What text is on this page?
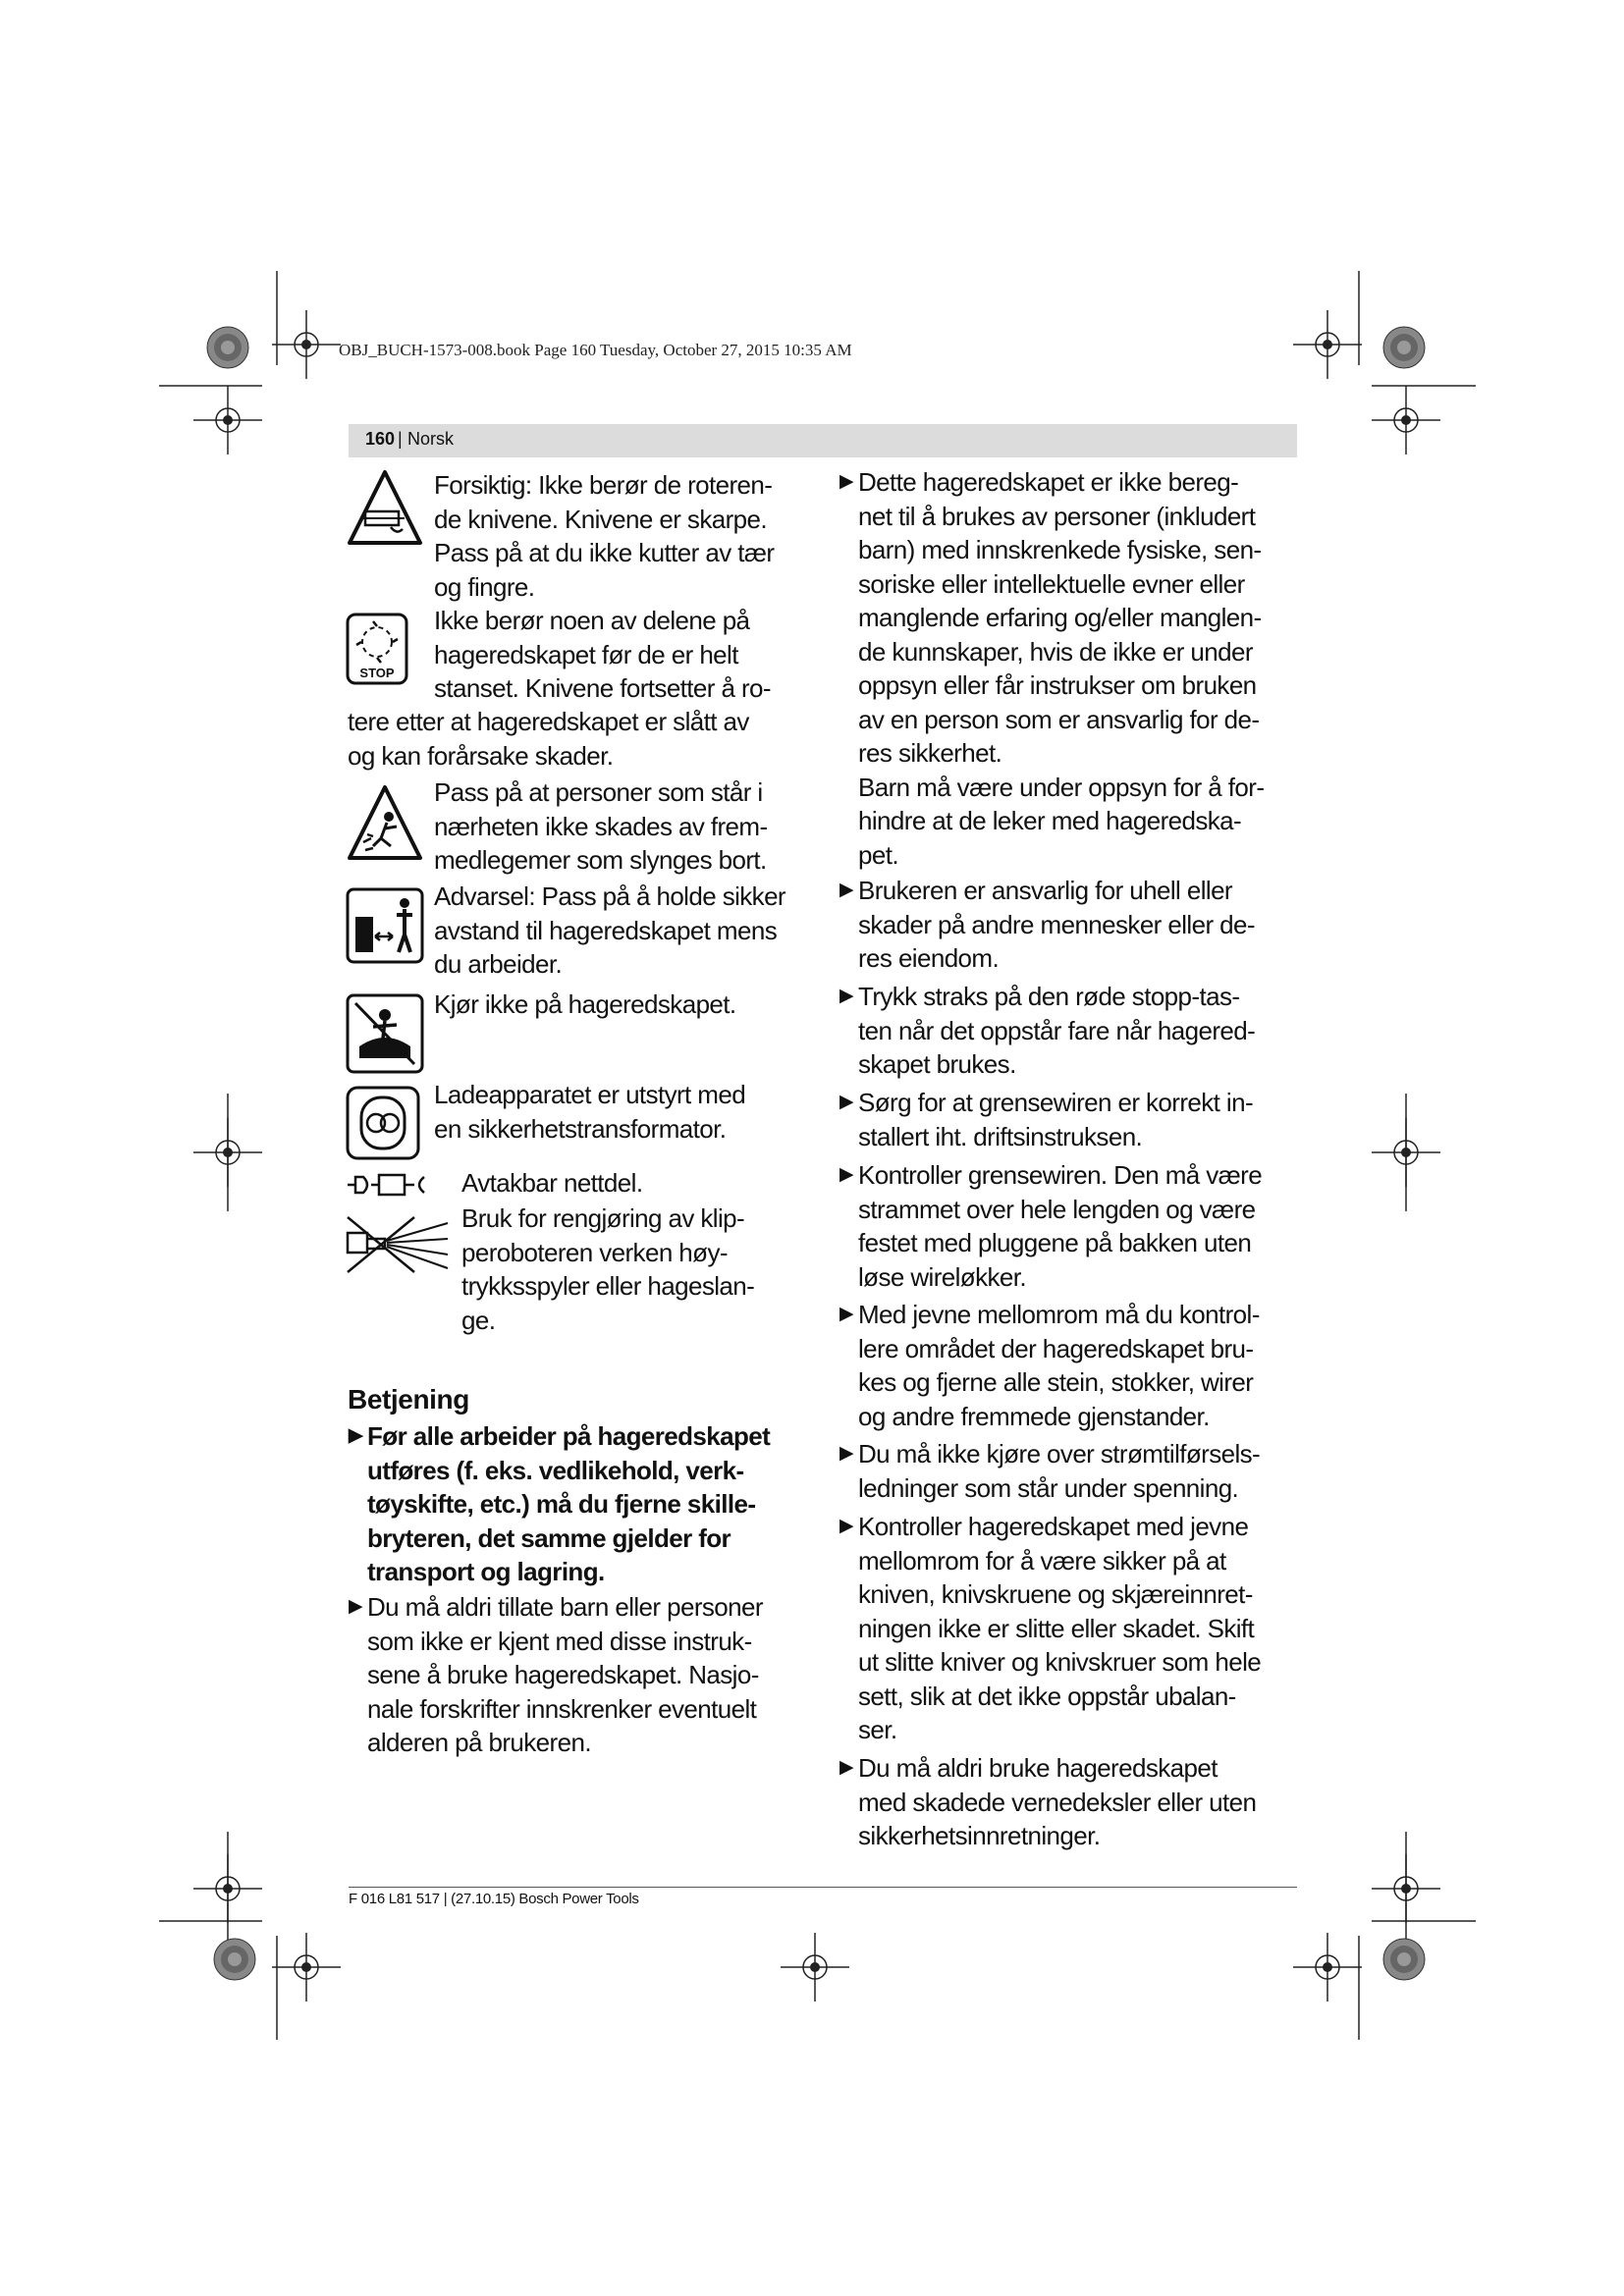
OBJ_BUCH-1573-008.book Page 160 Tuesday, October 27, 2015 10:35 AM
160 | Norsk
Forsiktig: Ikke berør de roteren-
de knivene. Knivene er skarpe.
Pass på at du ikke kutter av tær
og fingre.
STOP
Ikke berør noen av delene på
hageredskapet før de er helt
stanset. Knivene fortsetter å ro-
tere etter at hageredskapet er slått av
og kan forårsake skader.
Pass på at personer som står i
nærheten ikke skades av frem-
medlegemer som slynges bort.
Advarsel: Pass på å holde sikker
avstand til hageredskapet mens
du arbeider.
Kjør ikke på hageredskapet.
Ladeapparatet er utstyrt med
en sikkerhetstransformator.
Avtakbar nettdel.
Bruk for rengjøring av klip-
peroboteren verken høy-
trykksspyler eller hageslan-
ge.
Betjening
▶ Før alle arbeider på hageredskapet
utføres (f. eks. vedlikehold, verk-
tøyskifte, etc.) må du fjerne skille-
bryteren, det samme gjelder for
transport og lagring.
▶ Du må aldri tillate barn eller personer
som ikke er kjent med disse instruk-
sene å bruke hageredskapet. Nasjo-
nale forskrifter innskrenker eventuelt
alderen på brukeren.
▶ Dette hageredskapet er ikke bereg-
net til å brukes av personer (inkludert
barn) med innskrenkede fysiske, sen-
soriske eller intellektuelle evner eller
manglende erfaring og/eller manglen-
de kunnskaper, hvis de ikke er under
oppsyn eller får instrukser om bruken
av en person som er ansvarlig for de-
res sikkerhet.
Barn må være under oppsyn for å for-
hindre at de leker med hageredska-
pet.
▶ Brukeren er ansvarlig for uhell eller
skader på andre mennesker eller de-
res eiendom.
▶ Trykk straks på den røde stopp-tas-
ten når det oppstår fare når hagered-
skapet brukes.
▶ Sørg for at grensewiren er korrekt in-
stallert iht. driftsinstruksen.
▶ Kontroller grensewiren. Den må være
strammet over hele lengden og være
festet med pluggene på bakken uten
løse wireløkker.
▶ Med jevne mellomrom må du kontrol-
lere området der hageredskapet bru-
kes og fjerne alle stein, stokker, wirer
og andre fremmede gjenstander.
▶ Du må ikke kjøre over strømtilførsels-
ledninger som står under spenning.
▶ Kontroller hageredskapet med jevne
mellomrom for å være sikker på at
kniven, knivskruene og skjæreinnret-
ningen ikke er slitte eller skadet. Skift
ut slitte kniver og knivskruer som hele
sett, slik at det ikke oppstår ubalan-
ser.
▶ Du må aldri bruke hageredskapet
med skadede vernedeksler eller uten
sikkerhetsinnretninger.
F 016 L81 517 | (27.10.15) Bosch Power Tools
